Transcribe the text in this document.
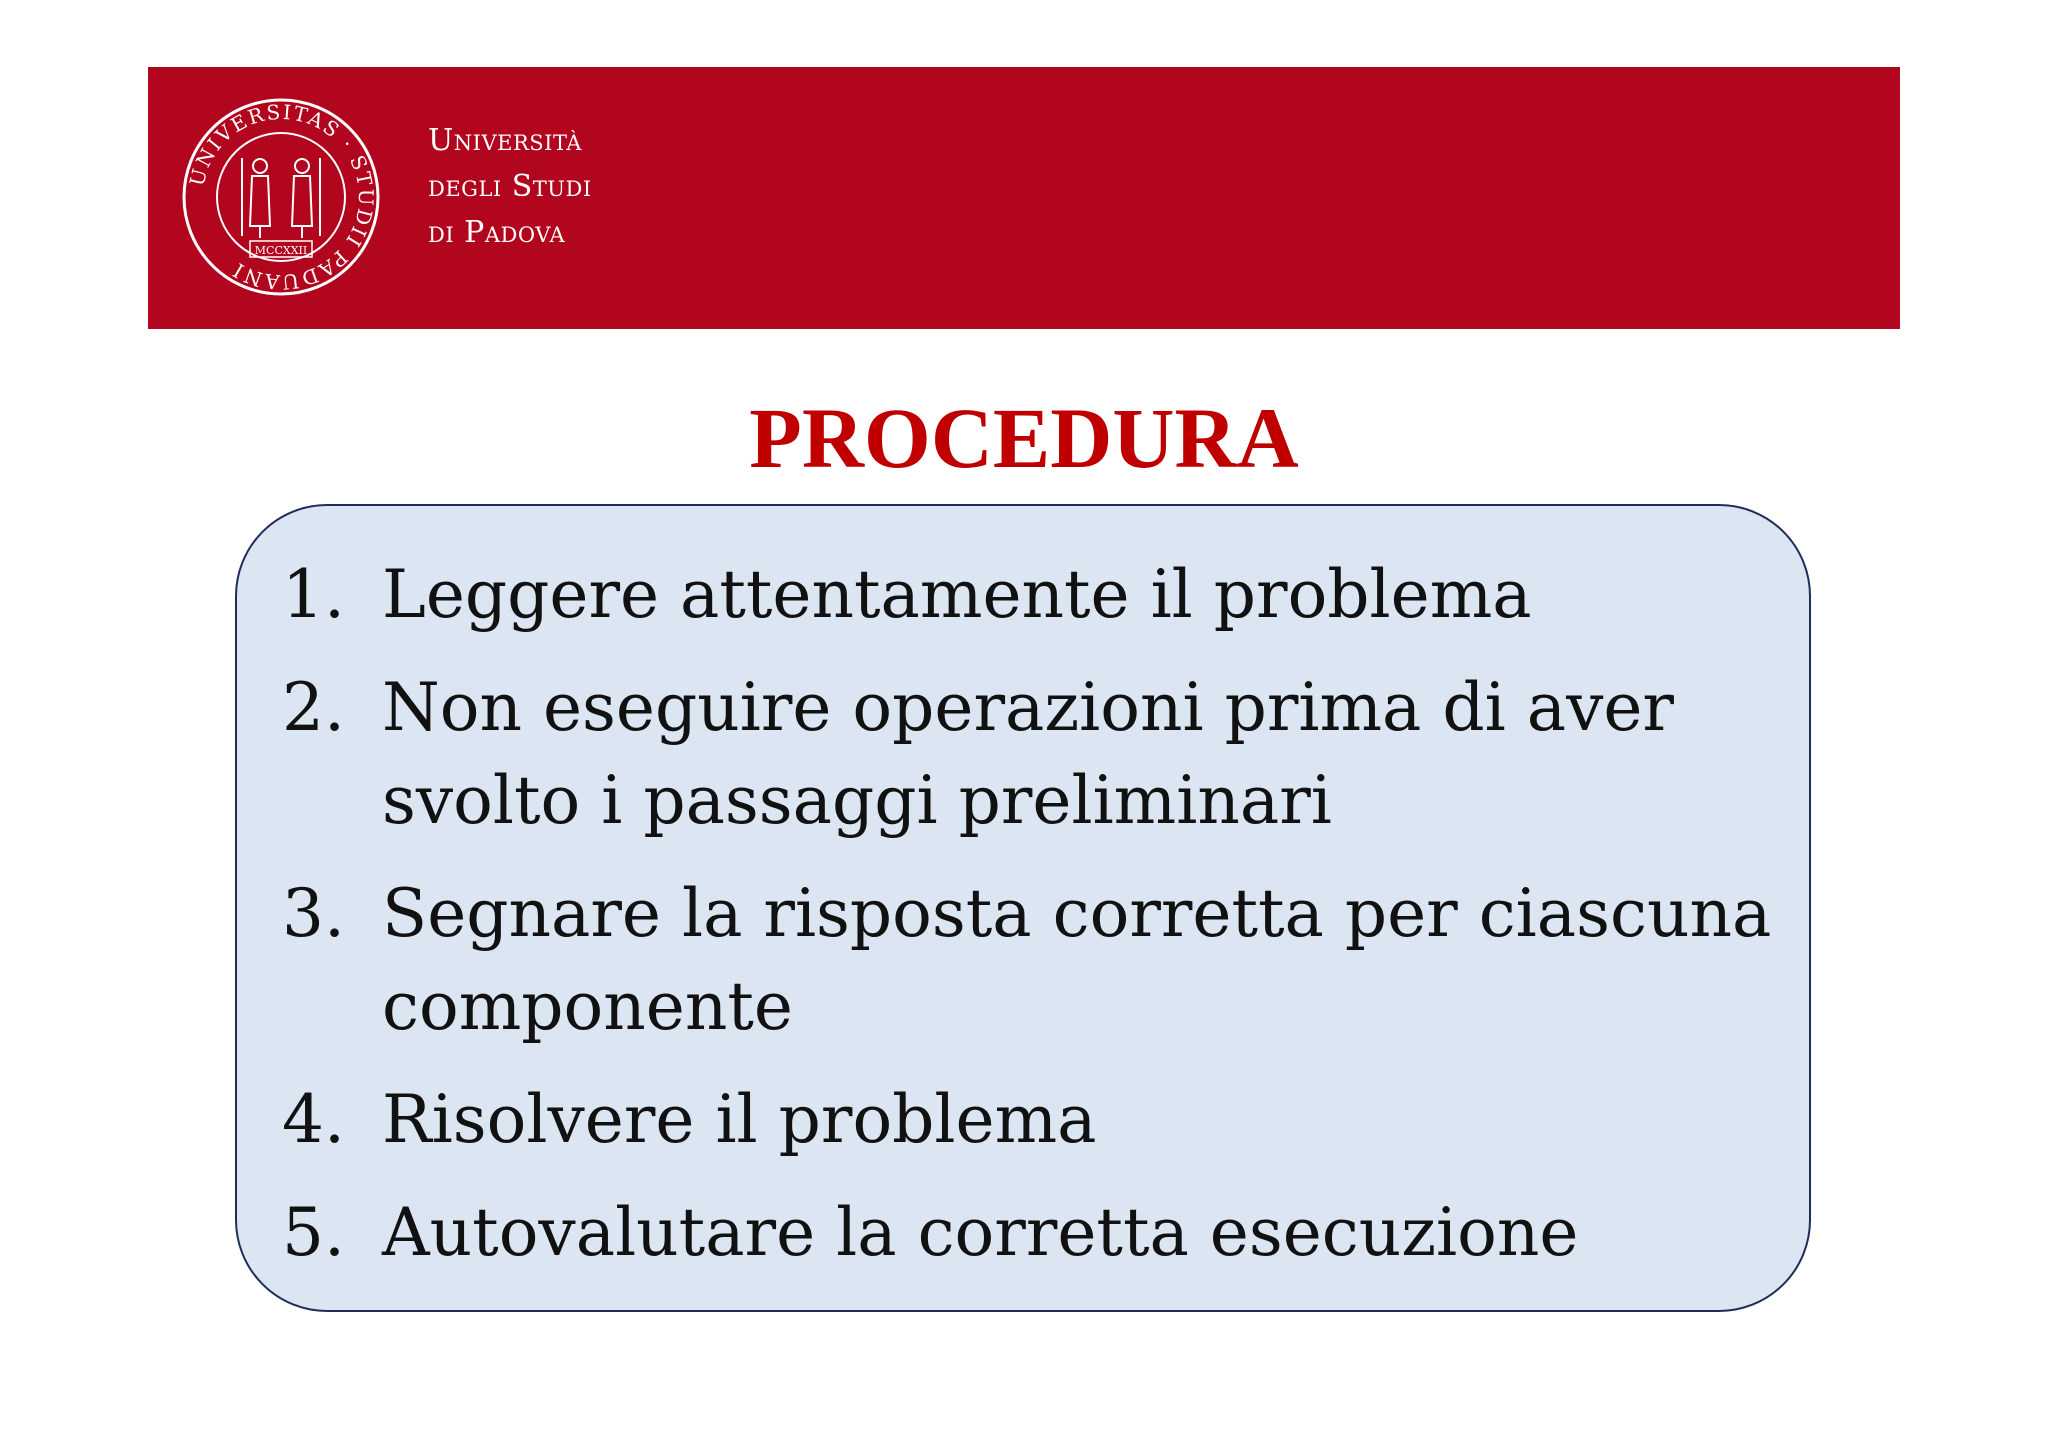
UNIVERSITAS · STUDII PADUANI
MCCXXII
Università
degli Studi
di Padova
PROCEDURA
1. Leggere attentamente il problema
2. Non eseguire operazioni prima di aver svolto i passaggi preliminari
3. Segnare la risposta corretta per ciascuna componente
4. Risolvere il problema
5. Autovalutare la corretta esecuzione
